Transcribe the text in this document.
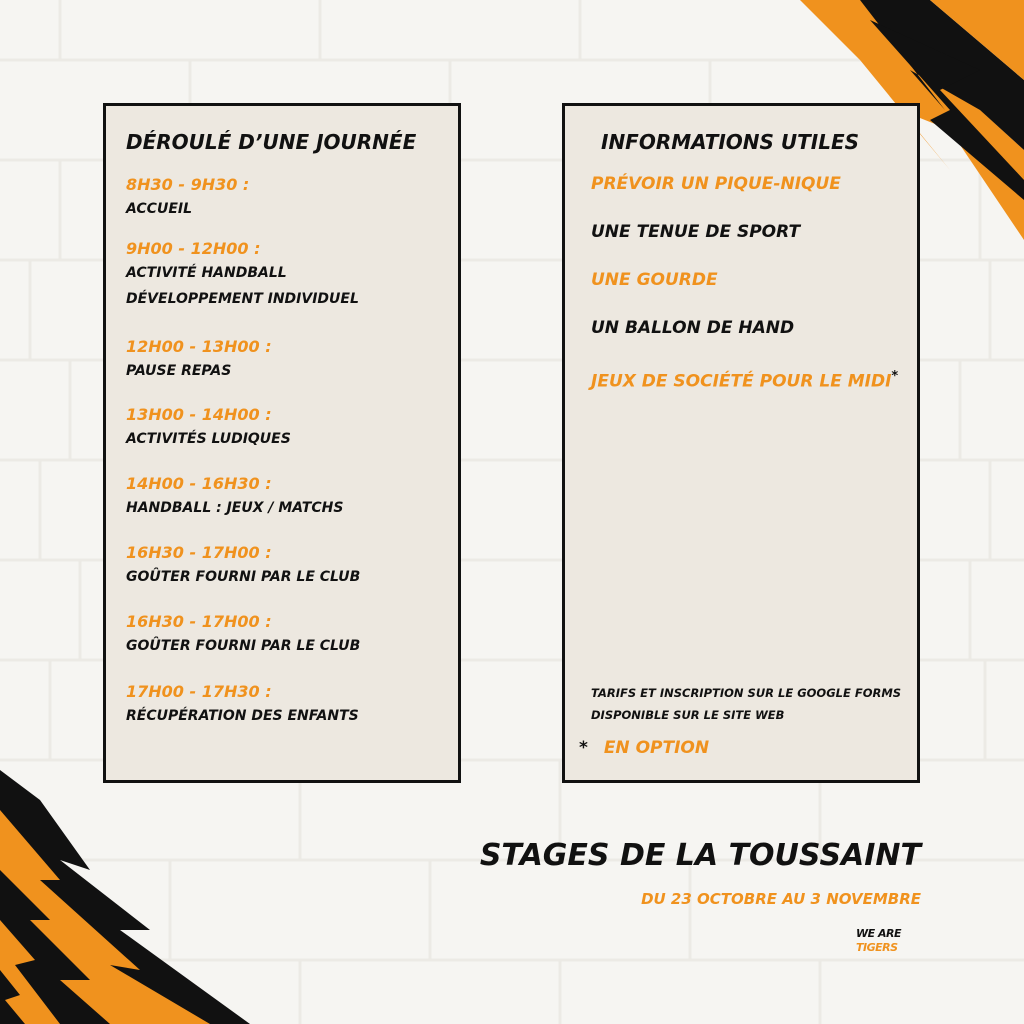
DÉROULÉ D’UNE JOURNÉE
8H30 - 9H30 :
ACCUEIL
9H00 - 12H00 :
ACTIVITÉ HANDBALL
DÉVELOPPEMENT INDIVIDUEL
12H00 - 13H00 :
PAUSE REPAS
13H00 - 14H00 :
ACTIVITÉS LUDIQUES
14H00 - 16H30 :
HANDBALL : JEUX / MATCHS
16H30 - 17H00 :
GOÛTER FOURNI PAR LE CLUB
16H30 - 17H00 :
GOÛTER FOURNI PAR LE CLUB
17H00 - 17H30 :
RÉCUPÉRATION DES ENFANTS
INFORMATIONS UTILES
PRÉVOIR UN PIQUE-NIQUE
UNE TENUE DE SPORT
UNE GOURDE
UN BALLON DE HAND
JEUX DE SOCIÉTÉ POUR LE MIDI*
TARIFS ET INSCRIPTION SUR LE GOOGLE FORMS DISPONIBLE SUR LE SITE WEB
* EN OPTION
STAGES DE LA TOUSSAINT
DU 23 OCTOBRE AU 3 NOVEMBRE
WE ARE
TIGERS
